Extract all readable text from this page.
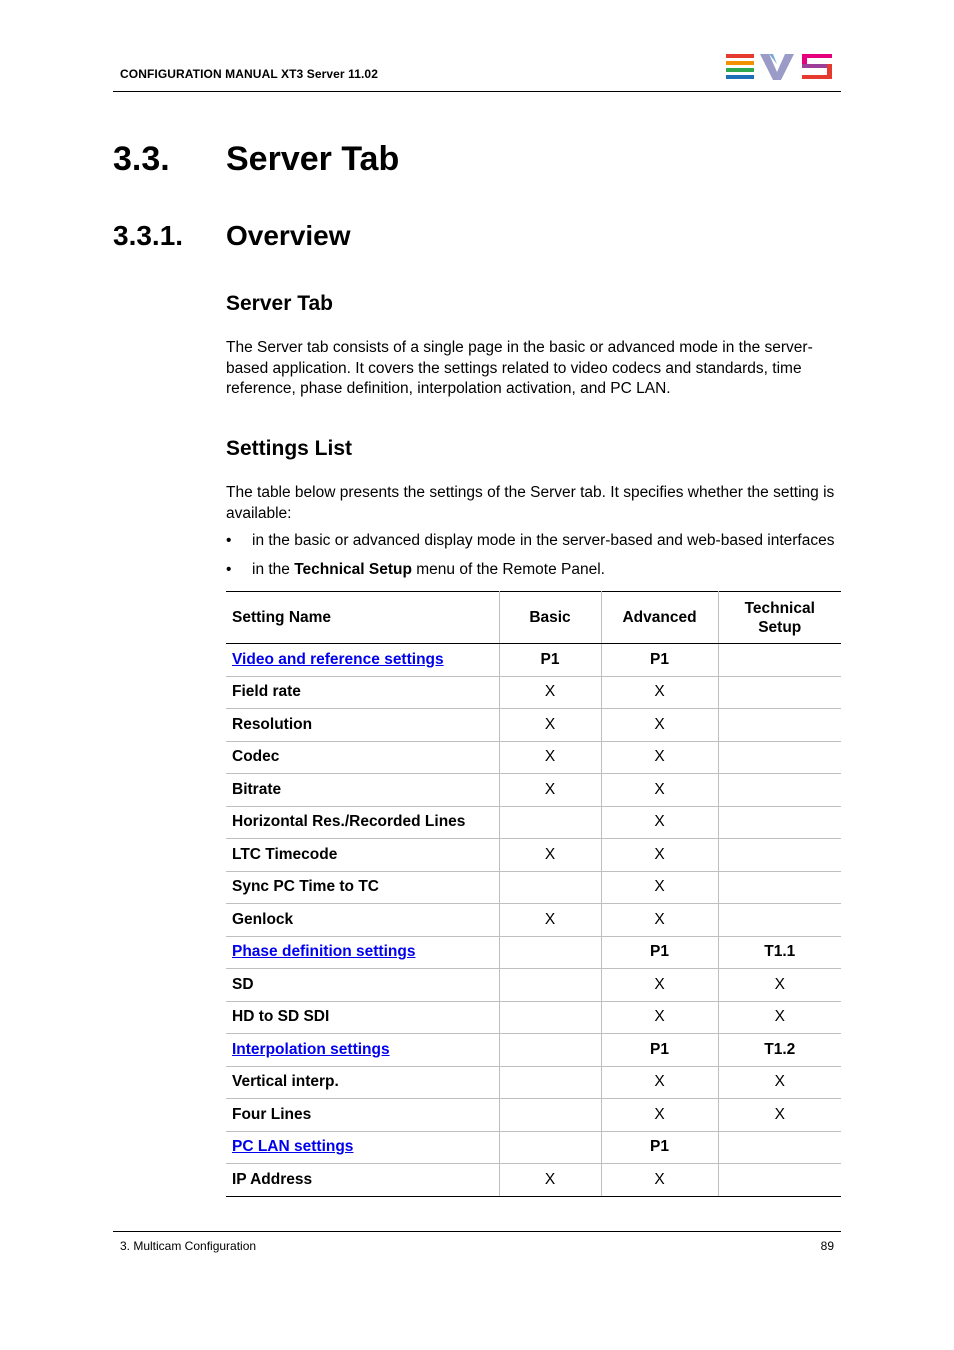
CONFIGURATION MANUAL XT3 Server 11.02
3.3. Server Tab
3.3.1. Overview
Server Tab
The Server tab consists of a single page in the basic or advanced mode in the server-based application. It covers the settings related to video codecs and standards, time reference, phase definition, interpolation activation, and PC LAN.
Settings List
The table below presents the settings of the Server tab. It specifies whether the setting is available:
• in the basic or advanced display mode in the server-based and web-based interfaces
• in the Technical Setup menu of the Remote Panel.
Setting Name	Basic	Advanced	Technical Setup
Video and reference settings	P1	P1	
Field rate	X	X	
Resolution	X	X	
Codec	X	X	
Bitrate	X	X	
Horizontal Res./Recorded Lines		X	
LTC Timecode	X	X	
Sync PC Time to TC		X	
Genlock	X	X	
Phase definition settings		P1	T1.1
SD		X	X
HD to SD SDI		X	X
Interpolation settings		P1	T1.2
Vertical interp.		X	X
Four Lines		X	X
PC LAN settings		P1	
IP Address	X	X	
3. Multicam Configuration	89
